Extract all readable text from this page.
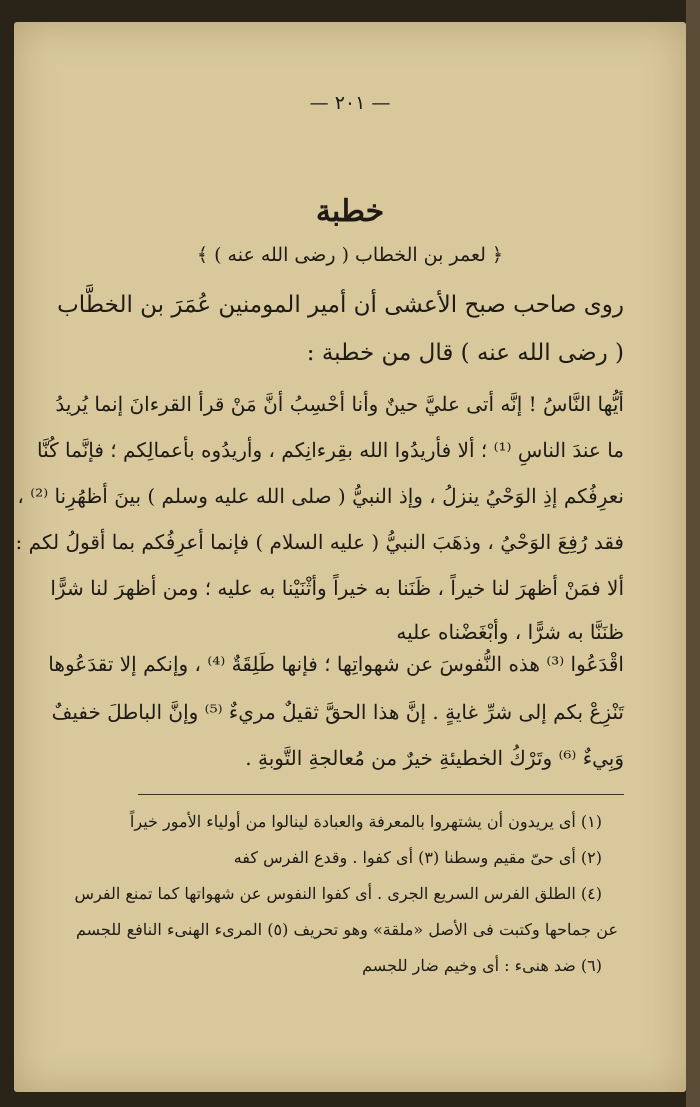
— ٢٠١ —
خطبة
﴿ لعمر بن الخطاب ( رضى الله عنه ) ﴾
روى صاحب صبح الأعشى أن أمير المومنين عُمَرَ بن الخطَّاب
( رضى الله عنه ) قال من خطبة :
أيُّها النَّاسُ ! إنَّه أتى عليَّ حينٌ وأنا أحْسِبُ أنَّ مَنْ قرأ القرءانَ إنما يُريدُ
ما عندَ الناسِ ⁽¹⁾ ؛ ألا فأريدُوا الله بقِرءانِكم ، وأريدُوه بأعمالِكم ؛ فإنَّما كُنَّا
نعرِفُكم إذِ الوَحْيُ ينزلُ ، وإذ النبيُّ ( صلى الله عليه وسلم ) بينَ أظهُرِنا ⁽²⁾ ،
فقد رُفِعَ الوَحْيُ ، وذهَبَ النبيُّ ( عليه السلام ) فإنما أعرِفُكم بما أقولُ لكم :
ألا فمَنْ أظهرَ لنا خيراً ، ظَنَنا به خيراً وأثْنَيْنا به عليه ؛ ومن أظهرَ لنا شرًّا
ظنَنَّا به شرًّا ، وأبْغَضْناه عليه
اقْدَعُوا ⁽³⁾ هذه النُّفوسَ عن شهواتِها ؛ فإنها طَلِقَةٌ ⁽⁴⁾ ، وإنكم إلا تقدَعُوها
تَنْزِعْ بكم إلى شرِّ غايةٍ . إنَّ هذا الحقَّ ثقيلٌ مريءٌ ⁽⁵⁾ وإنَّ الباطلَ خفيفٌ
وَبِيءٌ ⁽⁶⁾ وتَرْكُ الخطيئةِ خيرٌ من مُعالجةِ التَّوبةِ .
(١) أى يريدون أن يشتهروا بالمعرفة والعبادة لينالوا من أولياء الأمور خيراً
(٢) أى حىّ مقيم وسطنا (٣) أى كفوا . وقدع الفرس كفه
(٤) الطلق الفرس السريع الجرى . أى كفوا النفوس عن شهواتها كما تمنع الفرس
عن جماحها وكتبت فى الأصل «ملقة» وهو تحريف (٥) المرىء الهنىء النافع للجسم
(٦) ضد هنىء : أى وخيم ضار للجسم
